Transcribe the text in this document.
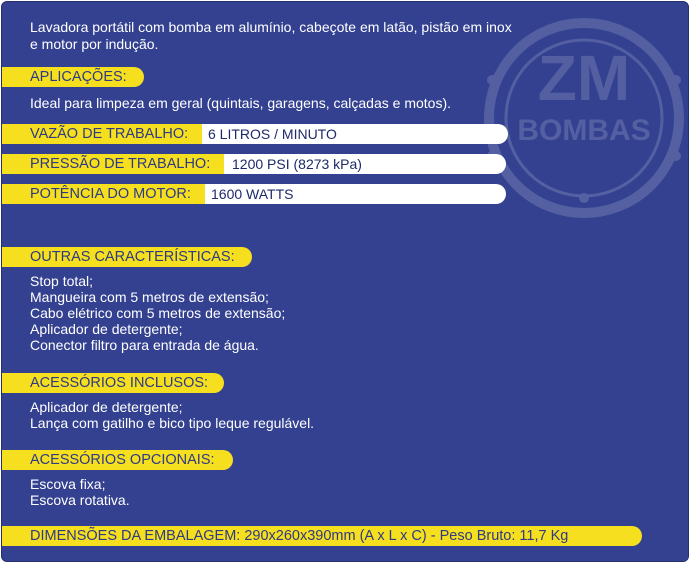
ZM
BOMBAS
Lavadora portátil com bomba em alumínio, cabeçote em latão, pistão em inox
e motor por indução.
APLICAÇÕES:
Ideal para limpeza em geral (quintais, garagens, calçadas e motos).
VAZÃO DE TRABALHO:	6 LITROS / MINUTO
PRESSÃO DE TRABALHO:	1200 PSI (8273 kPa)
POTÊNCIA DO MOTOR:	1600 WATTS
OUTRAS CARACTERÍSTICAS:
Stop total;
Mangueira com 5 metros de extensão;
Cabo elétrico com 5 metros de extensão;
Aplicador de detergente;
Conector filtro para entrada de água.
ACESSÓRIOS INCLUSOS:
Aplicador de detergente;
Lança com gatilho e bico tipo leque regulável.
ACESSÓRIOS OPCIONAIS:
Escova fixa;
Escova rotativa.
DIMENSÕES DA EMBALAGEM: 290x260x390mm (A x L x C) - Peso Bruto: 11,7 Kg
